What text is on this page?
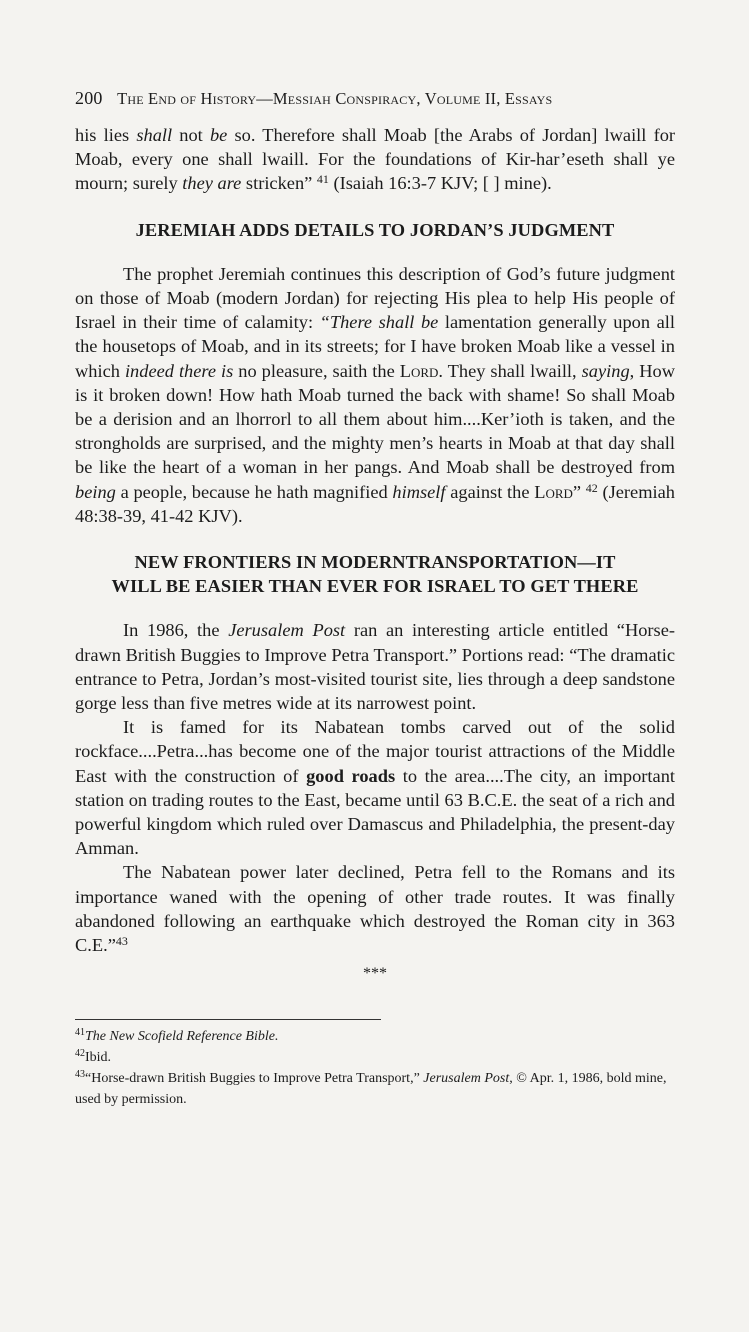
200 The End of History—Messiah Conspiracy, Volume II, Essays

his lies shall not be so. Therefore shall Moab [the Arabs of Jordan] lwaill for Moab, every one shall lwaill. For the foundations of Kir-har’eseth shall ye mourn; surely they are stricken” $^{41}$ (Isaiah 16:3-7 KJV; [ ] mine).

JEREMIAH ADDS DETAILS TO JORDAN’S JUDGMENT

The prophet Jeremiah continues this description of God’s future judgment on those of Moab (modern Jordan) for rejecting His plea to help His people of Israel in their time of calamity: “There shall be lamentation generally upon all the housetops of Moab, and in its streets; for I have broken Moab like a vessel in which indeed there is no pleasure, saith the Lord. They shall lwaill, saying, How is it broken down! How hath Moab turned the back with shame! So shall Moab be a derision and an lhorrorl to all them about him....Ker’ioth is taken, and the strongholds are surprised, and the mighty men’s hearts in Moab at that day shall be like the heart of a woman in her pangs. And Moab shall be destroyed from being a people, because he hath magnified himself against the Lord” $^{42}$ (Jeremiah 48:38-39, 41-42 KJV).

NEW FRONTIERS IN MODERNTRANSPORTATION—IT
WILL BE EASIER THAN EVER FOR ISRAEL TO GET THERE

In 1986, the Jerusalem Post ran an interesting article entitled “Horse-drawn British Buggies to Improve Petra Transport.” Portions read: “The dramatic entrance to Petra, Jordan’s most-visited tourist site, lies through a deep sandstone gorge less than five metres wide at its narrowest point.

It is famed for its Nabatean tombs carved out of the solid rockface....Petra...has become one of the major tourist attractions of the Middle East with the construction of good roads to the area....The city, an important station on trading routes to the East, became until 63 B.C.E. the seat of a rich and powerful kingdom which ruled over Damascus and Philadelphia, the present-day Amman.

The Nabatean power later declined, Petra fell to the Romans and its importance waned with the opening of other trade routes. It was finally abandoned following an earthquake which destroyed the Roman city in 363 C.E.”$^{43}$

***
$^{41}$The New Scofield Reference Bible.
$^{42}$Ibid.
$^{43}$“Horse-drawn British Buggies to Improve Petra Transport,” Jerusalem Post, © Apr. 1, 1986, bold mine, used by permission.
